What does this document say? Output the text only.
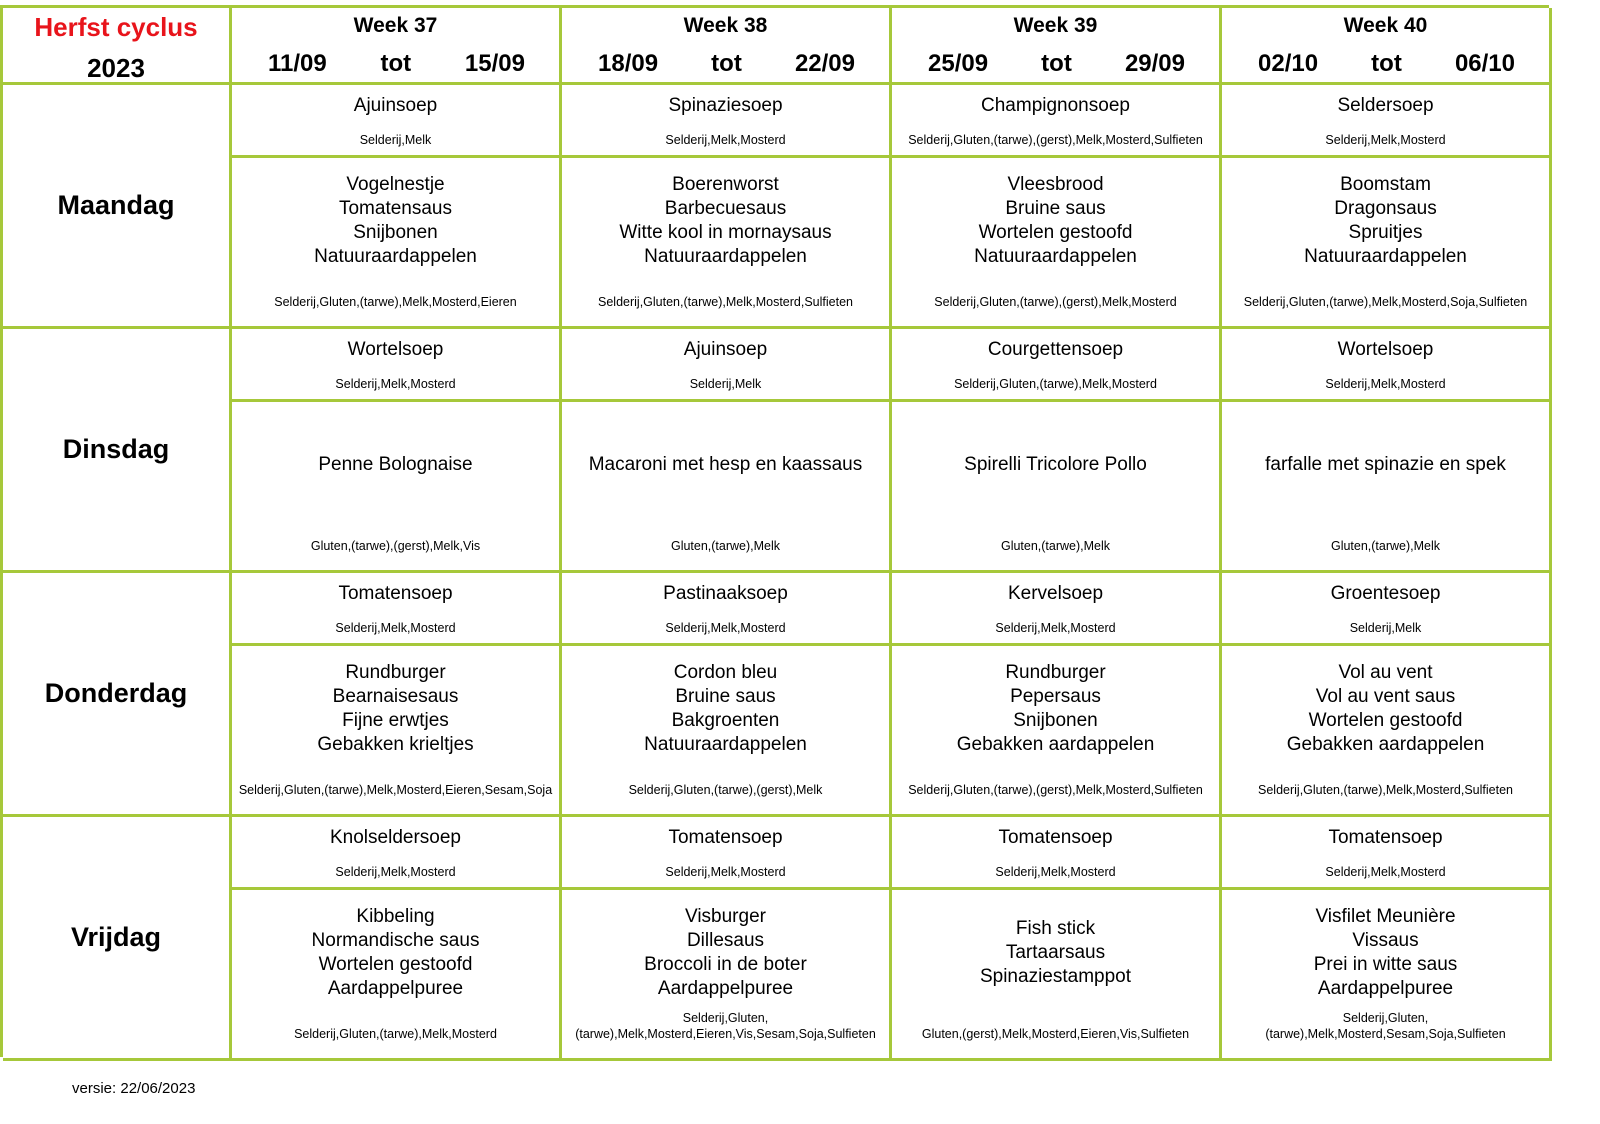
Herfst cyclus
2023
Week 37
11/09 tot 15/09
Week 38
18/09 tot 22/09
Week 39
25/09 tot 29/09
Week 40
02/10 tot 06/10
Maandag
Ajuinsoep
Selderij,Melk
Vogelnestje
Tomatensaus
Snijbonen
Natuuraardappelen
Selderij,Gluten,(tarwe),Melk,Mosterd,Eieren
Spinaziesoep
Selderij,Melk,Mosterd
Boerenworst
Barbecuesaus
Witte kool in mornaysaus
Natuuraardappelen
Selderij,Gluten,(tarwe),Melk,Mosterd,Sulfieten
Champignonsoep
Selderij,Gluten,(tarwe),(gerst),Melk,Mosterd,Sulfieten
Vleesbrood
Bruine saus
Wortelen gestoofd
Natuuraardappelen
Selderij,Gluten,(tarwe),(gerst),Melk,Mosterd
Seldersoep
Selderij,Melk,Mosterd
Boomstam
Dragonsaus
Spruitjes
Natuuraardappelen
Selderij,Gluten,(tarwe),Melk,Mosterd,Soja,Sulfieten
Dinsdag
Wortelsoep
Selderij,Melk,Mosterd
Penne Bolognaise
Gluten,(tarwe),(gerst),Melk,Vis
Ajuinsoep
Selderij,Melk
Macaroni met hesp en kaassaus
Gluten,(tarwe),Melk
Courgettensoep
Selderij,Gluten,(tarwe),Melk,Mosterd
Spirelli Tricolore Pollo
Gluten,(tarwe),Melk
Wortelsoep
Selderij,Melk,Mosterd
farfalle met spinazie en spek
Gluten,(tarwe),Melk
Donderdag
Tomatensoep
Selderij,Melk,Mosterd
Rundburger
Bearnaisesaus
Fijne erwtjes
Gebakken krieltjes
Selderij,Gluten,(tarwe),Melk,Mosterd,Eieren,Sesam,Soja
Pastinaaksoep
Selderij,Melk,Mosterd
Cordon bleu
Bruine saus
Bakgroenten
Natuuraardappelen
Selderij,Gluten,(tarwe),(gerst),Melk
Kervelsoep
Selderij,Melk,Mosterd
Rundburger
Pepersaus
Snijbonen
Gebakken aardappelen
Selderij,Gluten,(tarwe),(gerst),Melk,Mosterd,Sulfieten
Groentesoep
Selderij,Melk
Vol au vent
Vol au vent saus
Wortelen gestoofd
Gebakken aardappelen
Selderij,Gluten,(tarwe),Melk,Mosterd,Sulfieten
Vrijdag
Knolseldersoep
Selderij,Melk,Mosterd
Kibbeling
Normandische saus
Wortelen gestoofd
Aardappelpuree
Selderij,Gluten,(tarwe),Melk,Mosterd
Tomatensoep
Selderij,Melk,Mosterd
Visburger
Dillesaus
Broccoli in de boter
Aardappelpuree
Selderij,Gluten,(tarwe),Melk,Mosterd,Eieren,Vis,Sesam,Soja,Sulfieten
Tomatensoep
Selderij,Melk,Mosterd
Fish stick
Tartaarsaus
Spinaziestamppot
Gluten,(gerst),Melk,Mosterd,Eieren,Vis,Sulfieten
Tomatensoep
Selderij,Melk,Mosterd
Visfilet Meunière
Vissaus
Prei in witte saus
Aardappelpuree
Selderij,Gluten,(tarwe),Melk,Mosterd,Sesam,Soja,Sulfieten
versie: 22/06/2023
